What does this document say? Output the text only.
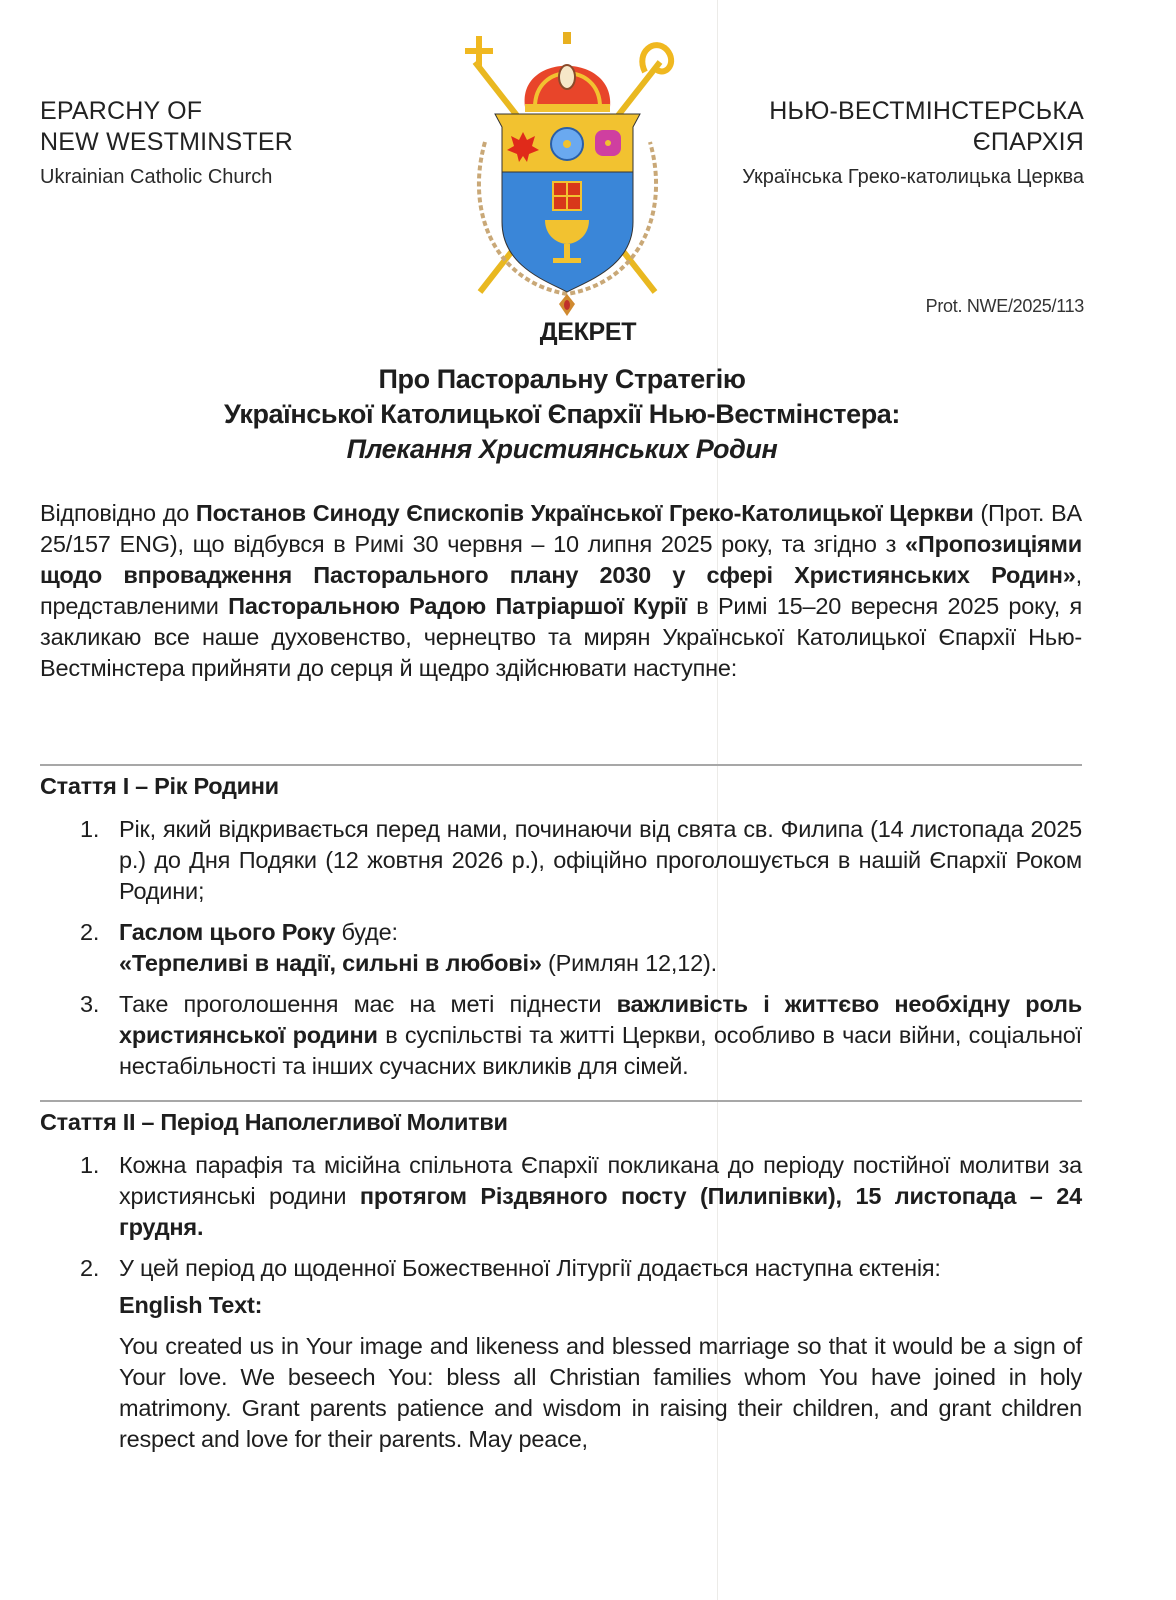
EPARCHY OF
NEW WESTMINSTER
Ukrainian Catholic Church
НЬЮ-ВЕСТМІНСТЕРСЬКА
ЄПАРХІЯ
Українська Греко-католицька Церква
Prot. NWE/2025/113
ДЕКРЕТ
Про Пасторальну Стратегію
Української Католицької Єпархії Нью-Вестмінстера:
Плекання Християнських Родин
Відповідно до Постанов Синоду Єпископів Української Греко-Католицької Церкви (Прот. BA 25/157 ENG), що відбувся в Римі 30 червня – 10 липня 2025 року, та згідно з «Пропозиціями щодо впровадження Пасторального плану 2030 у сфері Християнських Родин», представленими Пасторальною Радою Патріаршої Курії в Римі 15–20 вересня 2025 року, я закликаю все наше духовенство, чернецтво та мирян Української Католицької Єпархії Нью-Вестмінстера прийняти до серця й щедро здійснювати наступне:
Стаття I – Рік Родини
1. Рік, який відкривається перед нами, починаючи від свята св. Филипа (14 листопада 2025 р.) до Дня Подяки (12 жовтня 2026 р.), офіційно проголошується в нашій Єпархії Роком Родини;
2. Гаслом цього Року буде:
«Терпеливі в надії, сильні в любові» (Римлян 12,12).
3. Таке проголошення має на меті піднести важливість і життєво необхідну роль християнської родини в суспільстві та житті Церкви, особливо в часи війни, соціальної нестабільності та інших сучасних викликів для сімей.
Стаття II – Період Наполегливої Молитви
1. Кожна парафія та місійна спільнота Єпархії покликана до періоду постійної молитви за християнські родини протягом Різдвяного посту (Пилипівки), 15 листопада – 24 грудня.
2. У цей період до щоденної Божественної Літургії додається наступна єктенія:
English Text:
You created us in Your image and likeness and blessed marriage so that it would be a sign of Your love. We beseech You: bless all Christian families whom You have joined in holy matrimony. Grant parents patience and wisdom in raising their children, and grant children respect and love for their parents. May peace,
